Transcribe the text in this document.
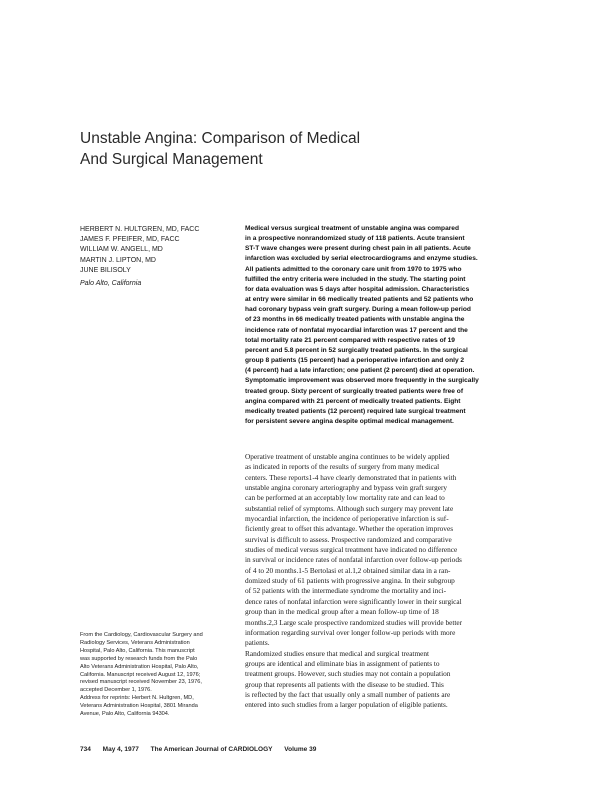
Unstable Angina: Comparison of Medical
And Surgical Management
HERBERT N. HULTGREN, MD, FACC
JAMES F. PFEIFER, MD, FACC
WILLIAM W. ANGELL, MD
MARTIN J. LIPTON, MD
JUNE BILISOLY
Palo Alto, California
Medical versus surgical treatment of unstable angina was compared
in a prospective nonrandomized study of 118 patients. Acute transient
ST-T wave changes were present during chest pain in all patients. Acute
infarction was excluded by serial electrocardiograms and enzyme studies.
All patients admitted to the coronary care unit from 1970 to 1975 who
fulfilled the entry criteria were included in the study. The starting point
for data evaluation was 5 days after hospital admission. Characteristics
at entry were similar in 66 medically treated patients and 52 patients who
had coronary bypass vein graft surgery. During a mean follow-up period
of 23 months in 66 medically treated patients with unstable angina the
incidence rate of nonfatal myocardial infarction was 17 percent and the
total mortality rate 21 percent compared with respective rates of 19
percent and 5.8 percent in 52 surgically treated patients. In the surgical
group 8 patients (15 percent) had a perioperative infarction and only 2
(4 percent) had a late infarction; one patient (2 percent) died at operation.
Symptomatic improvement was observed more frequently in the surgically
treated group. Sixty percent of surgically treated patients were free of
angina compared with 21 percent of medically treated patients. Eight
medically treated patients (12 percent) required late surgical treatment
for persistent severe angina despite optimal medical management.
Operative treatment of unstable angina continues to be widely applied
as indicated in reports of the results of surgery from many medical
centers. These reports1-4 have clearly demonstrated that in patients with
unstable angina coronary arteriography and bypass vein graft surgery
can be performed at an acceptably low mortality rate and can lead to
substantial relief of symptoms. Although such surgery may prevent late
myocardial infarction, the incidence of perioperative infarction is suf-
ficiently great to offset this advantage. Whether the operation improves
survival is difficult to assess. Prospective randomized and comparative
studies of medical versus surgical treatment have indicated no difference
in survival or incidence rates of nonfatal infarction over follow-up periods
of 4 to 20 months.1-5 Bertolasi et al.1,2 obtained similar data in a ran-
domized study of 61 patients with progressive angina. In their subgroup
of 52 patients with the intermediate syndrome the mortality and inci-
dence rates of nonfatal infarction were significantly lower in their surgical
group than in the medical group after a mean follow-up time of 18
months.2,3 Large scale prospective randomized studies will provide better
information regarding survival over longer follow-up periods with more
patients.
Randomized studies ensure that medical and surgical treatment
groups are identical and eliminate bias in assignment of patients to
treatment groups. However, such studies may not contain a population
group that represents all patients with the disease to be studied. This
is reflected by the fact that usually only a small number of patients are
entered into such studies from a larger population of eligible patients.
From the Cardiology, Cardiovascular Surgery and
Radiology Services, Veterans Administration
Hospital, Palo Alto, California. This manuscript
was supported by research funds from the Palo
Alto Veterans Administration Hospital, Palo Alto,
California. Manuscript received August 12, 1976;
revised manuscript received November 23, 1976,
accepted December 1, 1976.
Address for reprints: Herbert N. Hultgren, MD,
Veterans Administration Hospital, 3801 Miranda
Avenue, Palo Alto, California 94304.
734 May 4, 1977 The American Journal of CARDIOLOGY Volume 39
